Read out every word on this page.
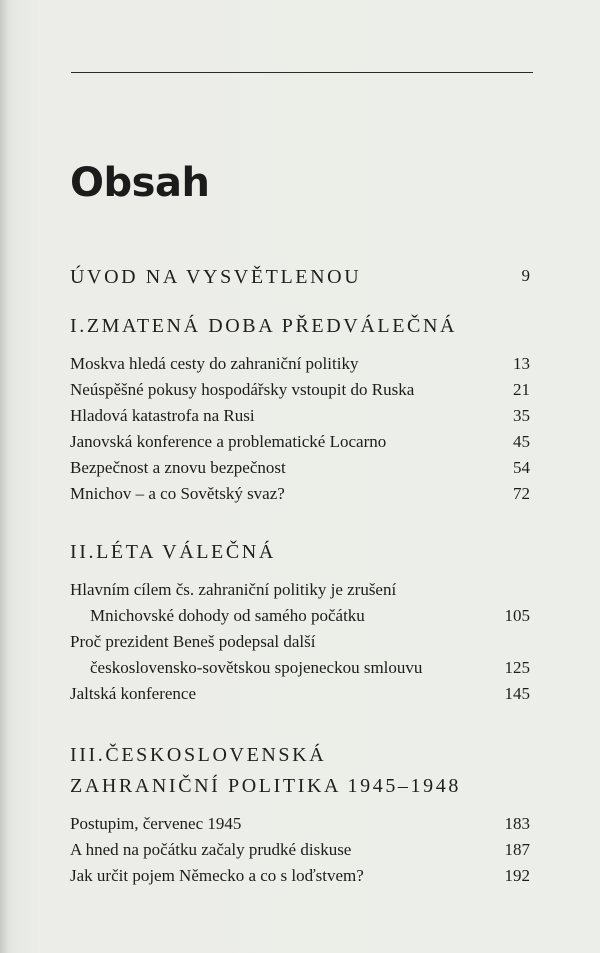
Obsah
ÚVOD NA VYSVĚTLENOU	9
I.ZMATENÁ DOBA PŘEDVÁLEČNÁ
Moskva hledá cesty do zahraniční politiky	13
Neúspěšné pokusy hospodářsky vstoupit do Ruska	21
Hladová katastrofa na Rusi	35
Janovská konference a problematické Locarno	45
Bezpečnost a znovu bezpečnost	54
Mnichov – a co Sovětský svaz?	72
II.LÉTA VÁLEČNÁ
Hlavním cílem čs. zahraniční politiky je zrušení
Mnichovské dohody od samého počátku	105
Proč prezident Beneš podepsal další
československo-sovětskou spojeneckou smlouvu	125
Jaltská konference	145
III.ČESKOSLOVENSKÁ
ZAHRANIČNÍ POLITIKA 1945–1948
Postupim, červenec 1945	183
A hned na počátku začaly prudké diskuse	187
Jak určit pojem Německo a co s loďstvem?	192
